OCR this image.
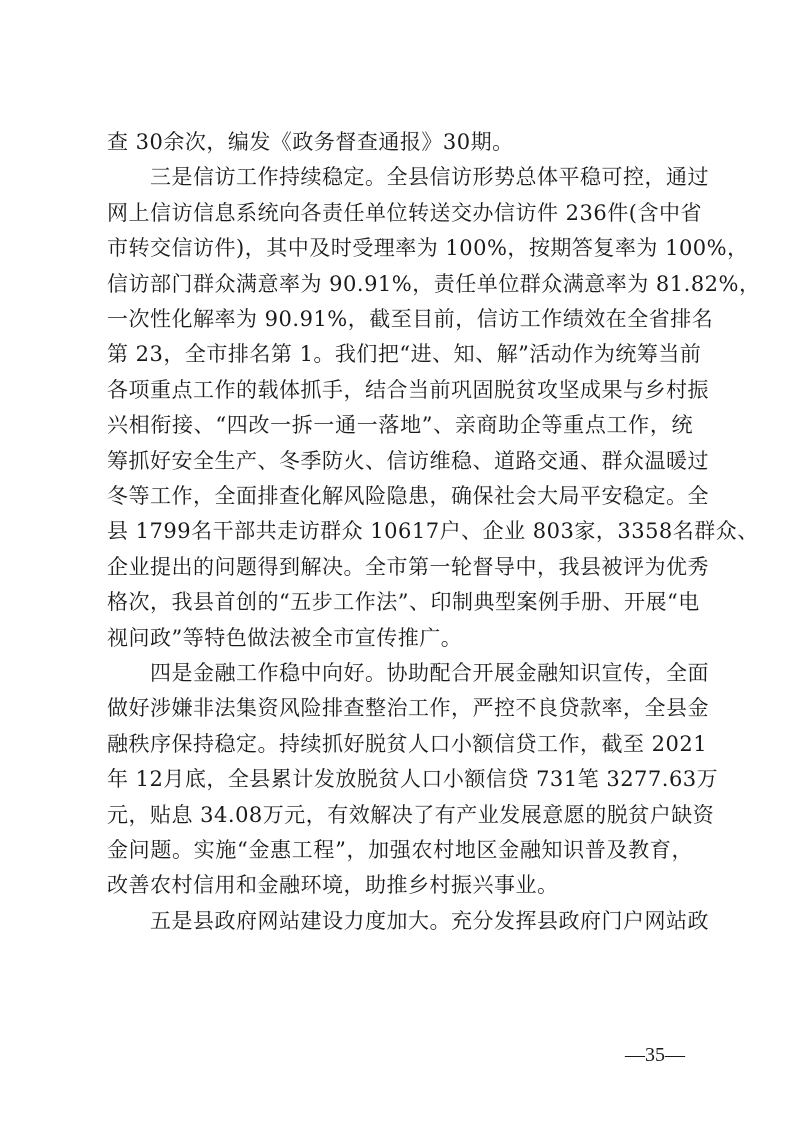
查 30余次，编发《政务督查通报》30期。
三是信访工作持续稳定。全县信访形势总体平稳可控，通过
网上信访信息系统向各责任单位转送交办信访件 236件(含中省
市转交信访件)，其中及时受理率为 100%，按期答复率为 100%，
信访部门群众满意率为 90.91%，责任单位群众满意率为 81.82%，
一次性化解率为 90.91%，截至目前，信访工作绩效在全省排名
第 23，全市排名第 1。我们把“进、知、解”活动作为统筹当前
各项重点工作的载体抓手，结合当前巩固脱贫攻坚成果与乡村振
兴相衔接、“四改一拆一通一落地”、亲商助企等重点工作，统
筹抓好安全生产、冬季防火、信访维稳、道路交通、群众温暖过
冬等工作，全面排查化解风险隐患，确保社会大局平安稳定。全
县 1799名干部共走访群众 10617户、企业 803家，3358名群众、
企业提出的问题得到解决。全市第一轮督导中，我县被评为优秀
格次，我县首创的“五步工作法”、印制典型案例手册、开展“电
视问政”等特色做法被全市宣传推广。
四是金融工作稳中向好。协助配合开展金融知识宣传，全面
做好涉嫌非法集资风险排查整治工作，严控不良贷款率，全县金
融秩序保持稳定。持续抓好脱贫人口小额信贷工作，截至 2021
年 12月底，全县累计发放脱贫人口小额信贷 731笔 3277.63万
元，贴息 34.08万元，有效解决了有产业发展意愿的脱贫户缺资
金问题。实施“金惠工程”，加强农村地区金融知识普及教育，
改善农村信用和金融环境，助推乡村振兴事业。
五是县政府网站建设力度加大。充分发挥县政府门户网站政
—35—
